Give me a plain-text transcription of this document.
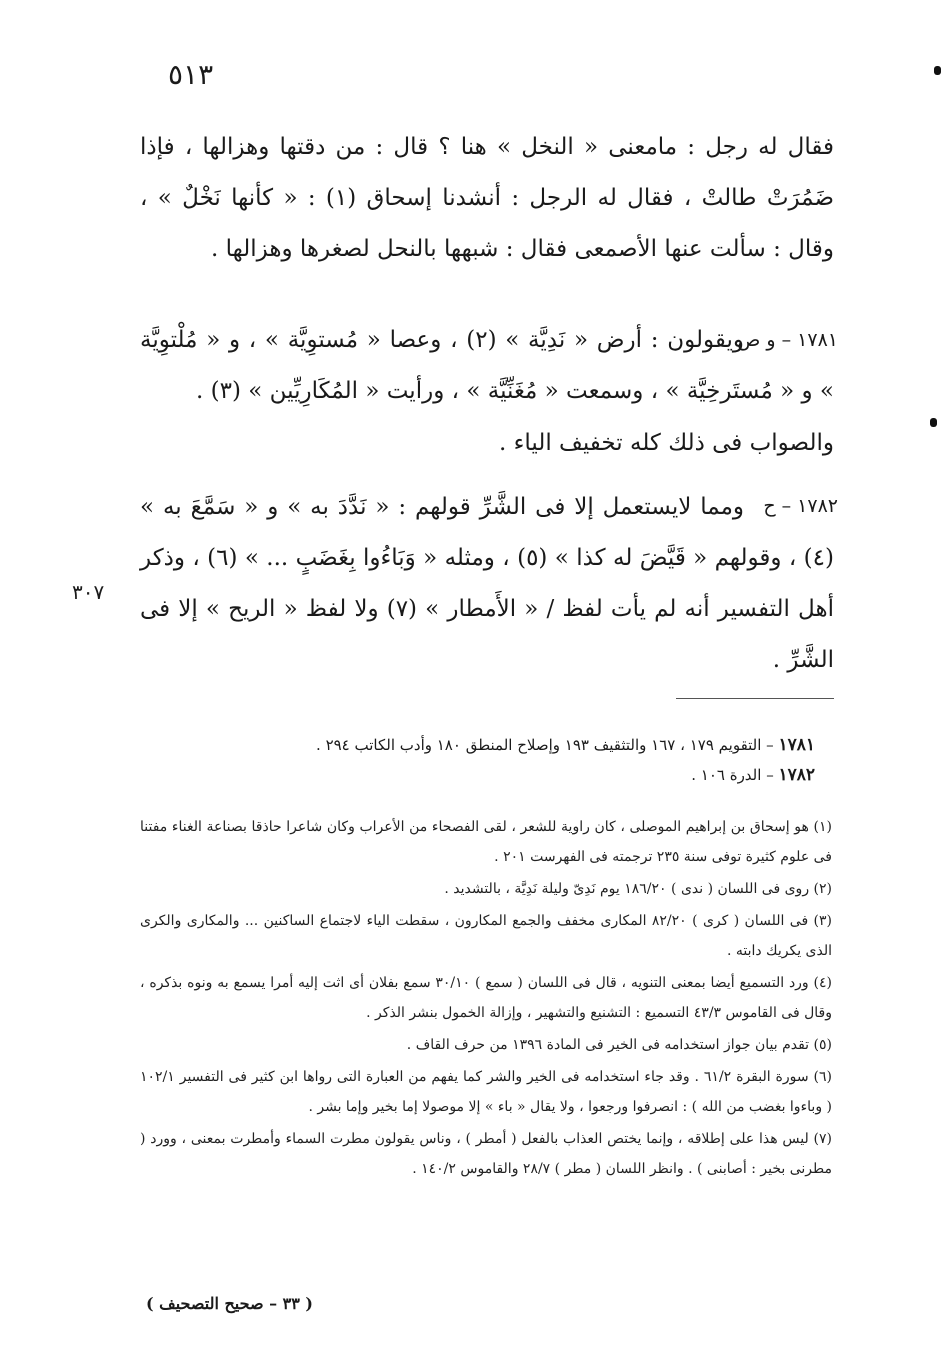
٥١٣
فقال له رجل : مامعنى « النخل » هنا ؟ قال : من دقتها وهزالها ، فإذا ضَمُرَتْ طالتْ ، فقال له الرجل : أنشدنا إسحاق (١) : « كأنها نَخْلٌ » ، وقال : سألت عنها الأصمعى فقال : شبهها بالنحل لصغرها وهزالها .
١٧٨١ – و ص
ويقولون : أرض « نَدِيَّة » (٢) ، وعصا « مُستوِيَّة » ، و « مُلْتوِيَّة » و « مُستَرخِيَّة » ، وسمعت « مُغَنِّيَّة » ، ورأيت « المُكَارِيِّين » (٣) .
والصواب فى ذلك كله تخفيف الياء .
١٧٨٢ – ح
ومما لايستعمل إلا فى الشَّرِّ قولهم : « نَدَّدَ به » و « سَمَّعَ به » (٤) ، وقولهم « قَيَّضَ له كذا » (٥) ، ومثله « وَبَاءُوا بِغَضَبٍ ... » (٦) ، وذكر أهل التفسير أنه لم يأت لفظ / « الأَمطار » (٧) ولا لفظ « الريح » إلا فى الشَّرِّ .
٣٠٧
١٧٨١ – التقويم ١٧٩ ، ١٦٧ والتثقيف ١٩٣ وإصلاح المنطق ١٨٠ وأدب الكاتب ٢٩٤ .
١٧٨٢ – الدرة ١٠٦ .
(١) هو إسحاق بن إبراهيم الموصلى ، كان راوية للشعر ، لقى الفصحاء من الأعراب وكان شاعرا حاذقا بصناعة الغناء مفتنا فى علوم كثيرة توفى سنة ٢٣٥ ترجمته فى الفهرست ٢٠١ .
(٢) روى فى اللسان ( ندى ) ١٨٦/٢٠ يوم نَدِىّ وليلة نَدِيَّة ، بالتشديد .
(٣) فى اللسان ( كرى ) ٨٢/٢٠ المكارى مخفف والجمع المكارون ، سقطت الياء لاجتماع الساكنين ... والمكارى والكرى الذى يكريك دابته .
(٤) ورد التسميع أيضا بمعنى التنويه ، قال فى اللسان ( سمع ) ٣٠/١٠ سمع بفلان أى اثت إليه أمرا يسمع به ونوه بذكره ، وقال فى القاموس ٤٣/٣ التسميع : التشنيع والتشهير ، وإزالة الخمول بنشر الذكر .
(٥) تقدم بيان جواز استخدامه فى الخير فى المادة ١٣٩٦ من حرف القاف .
(٦) سورة البقرة ٦١/٢ . وقد جاء استخدامه فى الخير والشر كما يفهم من العبارة التى رواها ابن كثير فى التفسير ١٠٢/١ ( وباءوا بغضب من الله ) : انصرفوا ورجعوا ، ولا يقال « باء » إلا موصولا إما بخير وإما بشر .
(٧) ليس هذا على إطلاقه ، وإنما يختص العذاب بالفعل ( أمطر ) ، وناس يقولون مطرت السماء وأمطرت بمعنى ، وورد ( مطرنى بخير : أصابنى ) . وانظر اللسان ( مطر ) ٢٨/٧ والقاموس ١٤٠/٢ .
( ٣٣ – صحيح التصحيف )
